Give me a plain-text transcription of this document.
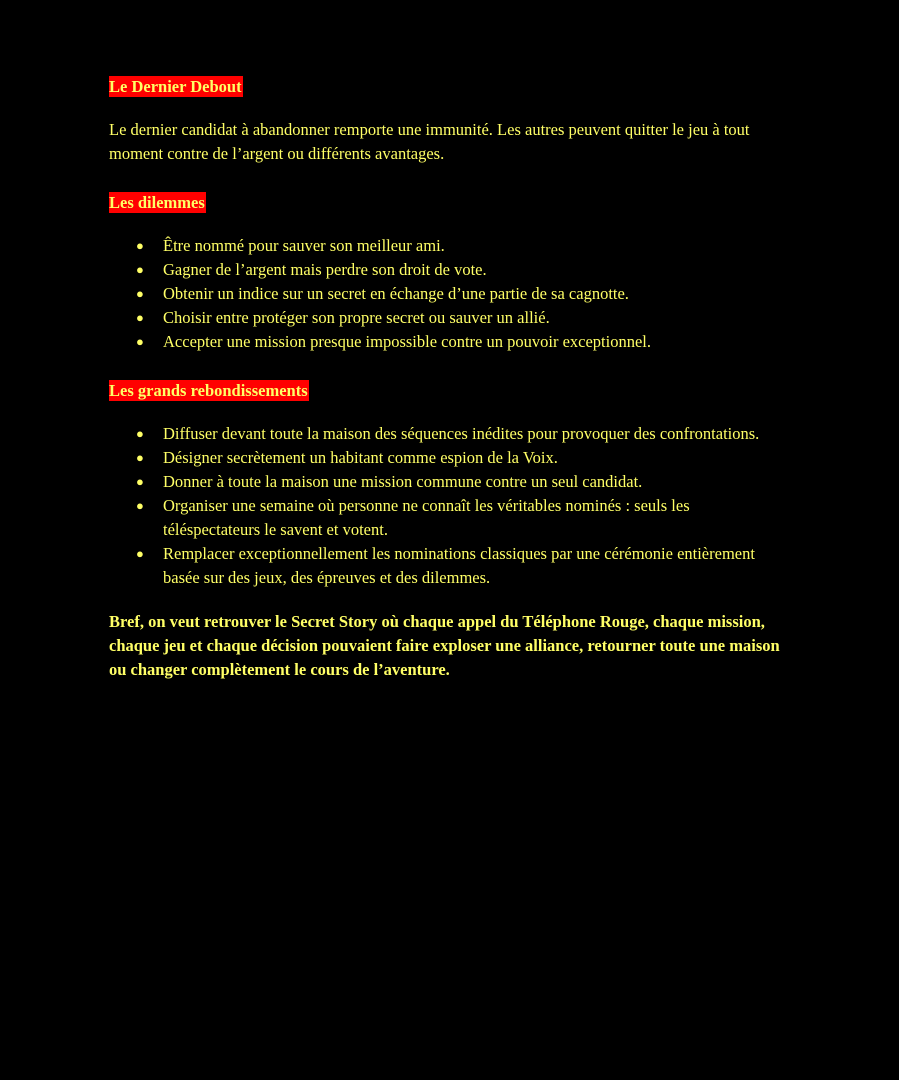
Le Dernier Debout

Le dernier candidat à abandonner remporte une immunité. Les autres peuvent quitter le jeu à tout moment contre de l’argent ou différents avantages.

Les dilemmes
● Être nommé pour sauver son meilleur ami.
● Gagner de l’argent mais perdre son droit de vote.
● Obtenir un indice sur un secret en échange d’une partie de sa cagnotte.
● Choisir entre protéger son propre secret ou sauver un allié.
● Accepter une mission presque impossible contre un pouvoir exceptionnel.
Les grands rebondissements
● Diffuser devant toute la maison des séquences inédites pour provoquer des confrontations.
● Désigner secrètement un habitant comme espion de la Voix.
● Donner à toute la maison une mission commune contre un seul candidat.
● Organiser une semaine où personne ne connaît les véritables nominés : seuls les téléspectateurs le savent et votent.
● Remplacer exceptionnellement les nominations classiques par une cérémonie entièrement basée sur des jeux, des épreuves et des dilemmes.

Bref, on veut retrouver le Secret Story où chaque appel du Téléphone Rouge, chaque mission, chaque jeu et chaque décision pouvaient faire exploser une alliance, retourner toute une maison ou changer complètement le cours de l’aventure.
